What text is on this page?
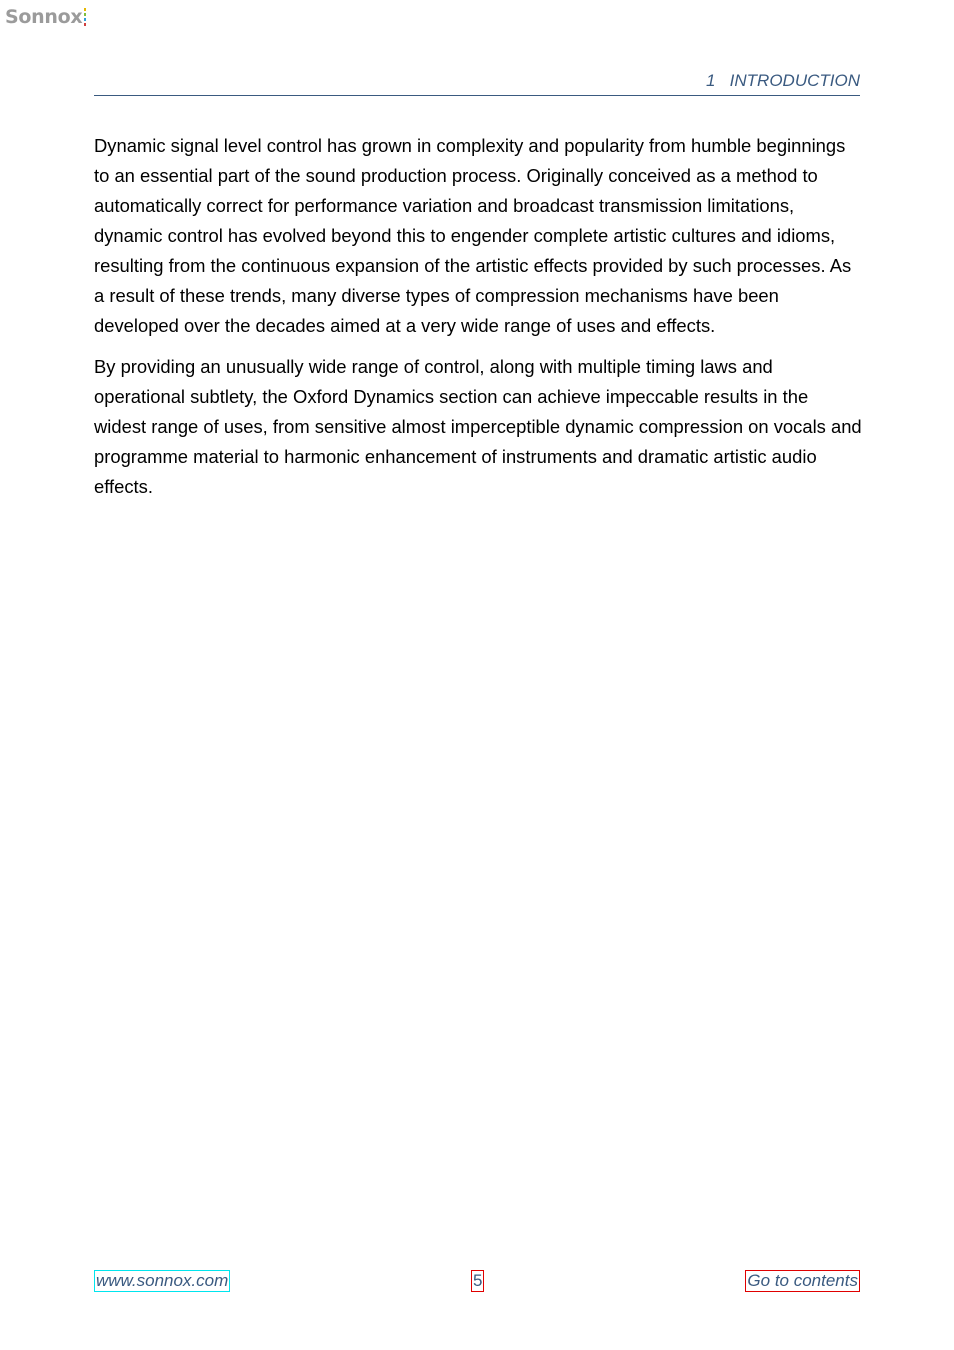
Sonnox
1   INTRODUCTION

Dynamic signal level control has grown in complexity and popularity from humble beginnings to an essential part of the sound production process. Originally conceived as a method to automatically correct for performance variation and broadcast transmission limitations, dynamic control has evolved beyond this to engender complete artistic cultures and idioms, resulting from the continuous expansion of the artistic effects provided by such processes. As a result of these trends, many diverse types of compression mechanisms have been developed over the decades aimed at a very wide range of uses and effects.

By providing an unusually wide range of control, along with multiple timing laws and operational subtlety, the Oxford Dynamics section can achieve impeccable results in the widest range of uses, from sensitive almost imperceptible dynamic compression on vocals and programme material to harmonic enhancement of instruments and dramatic artistic audio effects.

www.sonnox.com	5	Go to contents
